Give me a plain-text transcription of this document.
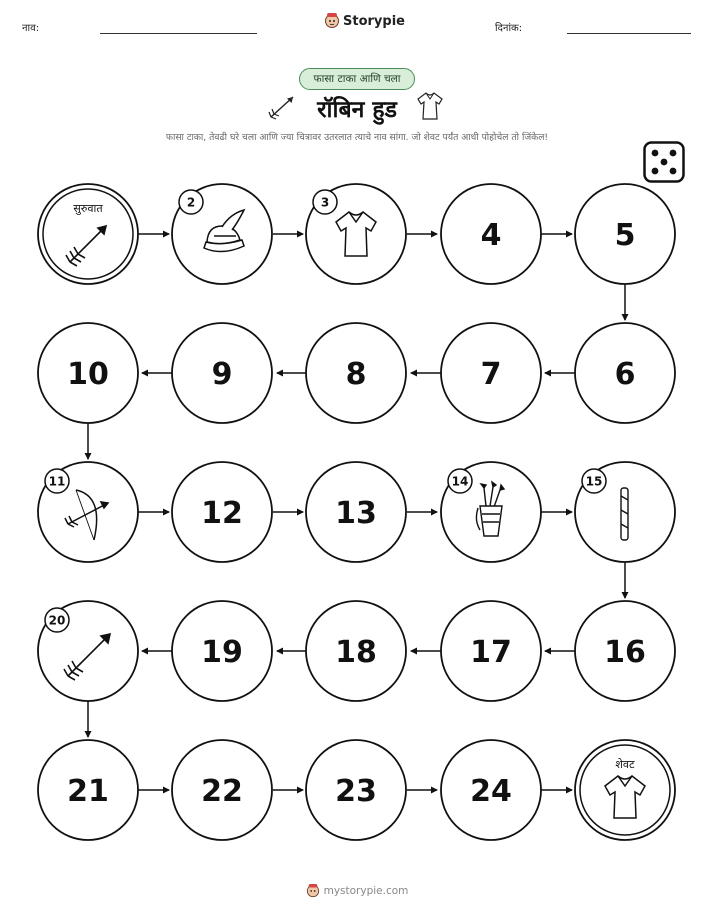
नाव:	Storypie	दिनांक:
फासा टाका आणि चला
रॉबिन हुड
फासा टाका, तेवढी घरे चला आणि ज्या चित्रावर उतरलात त्याचे नाव सांगा. जो शेवट पर्यंत आधी पोहोचेल तो जिंकेल!
सुरुवात	2	3
4	5
6
7
8
9
10
11
12	13
14	15
16
17
18
19
20
21	22	23	24
शेवट
mystorypie.com
